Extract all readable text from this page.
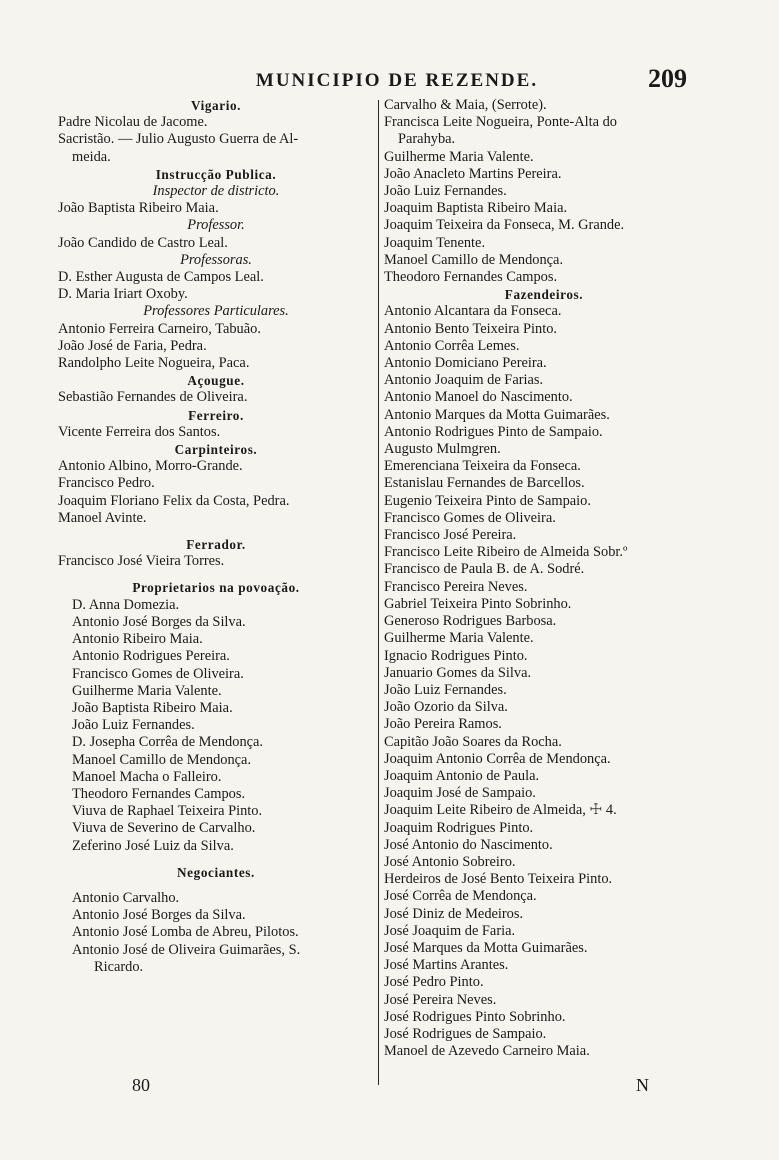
MUNICIPIO DE REZENDE.	209
Vigario.
Padre Nicolau de Jacome.
Sacristão. — Julio Augusto Guerra de Al-
meida.
Instrucção Publica.
Inspector de districto.
João Baptista Ribeiro Maia.
Professor.
João Candido de Castro Leal.
Professoras.
D. Esther Augusta de Campos Leal.
D. Maria Iriart Oxoby.
Professores Particulares.
Antonio Ferreira Carneiro, Tabuão.
João José de Faria, Pedra.
Randolpho Leite Nogueira, Paca.
Açougue.
Sebastião Fernandes de Oliveira.
Ferreiro.
Vicente Ferreira dos Santos.
Carpinteiros.
Antonio Albino, Morro-Grande.
Francisco Pedro.
Joaquim Floriano Felix da Costa, Pedra.
Manoel Avinte.
Ferrador.
Francisco José Vieira Torres.
Proprietarios na povoação.
D. Anna Domezia.
Antonio José Borges da Silva.
Antonio Ribeiro Maia.
Antonio Rodrigues Pereira.
Francisco Gomes de Oliveira.
Guilherme Maria Valente.
João Baptista Ribeiro Maia.
João Luiz Fernandes.
D. Josepha Corrêa de Mendonça.
Manoel Camillo de Mendonça.
Manoel Macha o Falleiro.
Theodoro Fernandes Campos.
Viuva de Raphael Teixeira Pinto.
Viuva de Severino de Carvalho.
Zeferino José Luiz da Silva.
Negociantes.
Antonio Carvalho.
Antonio José Borges da Silva.
Antonio José Lomba de Abreu, Pilotos.
Antonio José de Oliveira Guimarães, S.
Ricardo.
Carvalho & Maia, (Serrote).
Francisca Leite Nogueira, Ponte-Alta do
Parahyba.
Guilherme Maria Valente.
João Anacleto Martins Pereira.
João Luiz Fernandes.
Joaquim Baptista Ribeiro Maia.
Joaquim Teixeira da Fonseca, M. Grande.
Joaquim Tenente.
Manoel Camillo de Mendonça.
Theodoro Fernandes Campos.
Fazendeiros.
Antonio Alcantara da Fonseca.
Antonio Bento Teixeira Pinto.
Antonio Corrêa Lemes.
Antonio Domiciano Pereira.
Antonio Joaquim de Farias.
Antonio Manoel do Nascimento.
Antonio Marques da Motta Guimarães.
Antonio Rodrigues Pinto de Sampaio.
Augusto Mulmgren.
Emerenciana Teixeira da Fonseca.
Estanislau Fernandes de Barcellos.
Eugenio Teixeira Pinto de Sampaio.
Francisco Gomes de Oliveira.
Francisco José Pereira.
Francisco Leite Ribeiro de Almeida Sobr.º
Francisco de Paula B. de A. Sodré.
Francisco Pereira Neves.
Gabriel Teixeira Pinto Sobrinho.
Generoso Rodrigues Barbosa.
Guilherme Maria Valente.
Ignacio Rodrigues Pinto.
Januario Gomes da Silva.
João Luiz Fernandes.
João Ozorio da Silva.
João Pereira Ramos.
Capitão João Soares da Rocha.
Joaquim Antonio Corrêa de Mendonça.
Joaquim Antonio de Paula.
Joaquim José de Sampaio.
Joaquim Leite Ribeiro de Almeida, ☩ 4.
Joaquim Rodrigues Pinto.
José Antonio do Nascimento.
José Antonio Sobreiro.
Herdeiros de José Bento Teixeira Pinto.
José Corrêa de Mendonça.
José Diniz de Medeiros.
José Joaquim de Faria.
José Marques da Motta Guimarães.
José Martins Arantes.
José Pedro Pinto.
José Pereira Neves.
José Rodrigues Pinto Sobrinho.
José Rodrigues de Sampaio.
Manoel de Azevedo Carneiro Maia.
80	N
